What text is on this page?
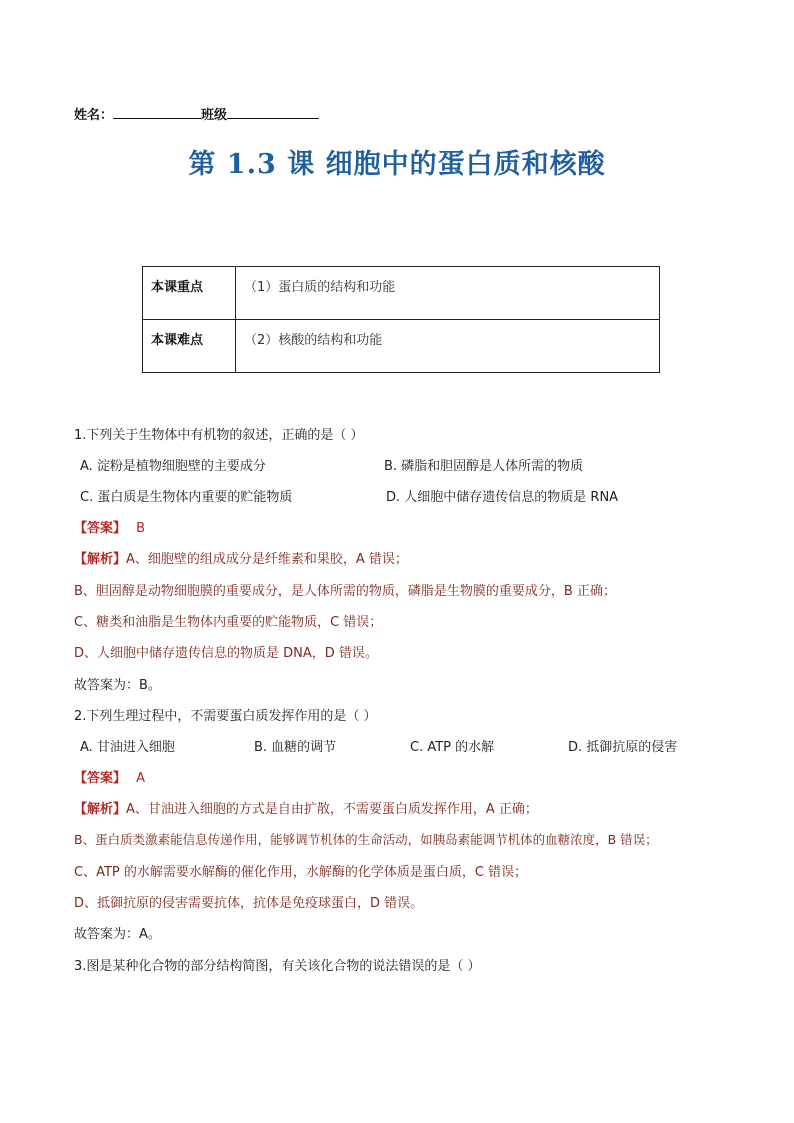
姓名：	班级
第 1.3 课 细胞中的蛋白质和核酸
本课重点	（1）蛋白质的结构和功能
本课难点	（2）核酸的结构和功能
1.下列关于生物体中有机物的叙述，正确的是（ ）
A. 淀粉是植物细胞壁的主要成分	B. 磷脂和胆固醇是人体所需的物质
C. 蛋白质是生物体内重要的贮能物质	D. 人细胞中储存遗传信息的物质是 RNA
【答案】 B
【解析】A、细胞壁的组成成分是纤维素和果胶，A 错误；
B、胆固醇是动物细胞膜的重要成分，是人体所需的物质，磷脂是生物膜的重要成分，B 正确；
C、糖类和油脂是生物体内重要的贮能物质，C 错误；
D、人细胞中储存遗传信息的物质是 DNA，D 错误。
故答案为：B。
2.下列生理过程中，不需要蛋白质发挥作用的是（ ）
A. 甘油进入细胞	B. 血糖的调节	C. ATP 的水解	D. 抵御抗原的侵害
【答案】 A
【解析】A、甘油进入细胞的方式是自由扩散，不需要蛋白质发挥作用，A 正确；
B、蛋白质类激素能信息传递作用，能够调节机体的生命活动，如胰岛素能调节机体的血糖浓度，B 错误；
C、ATP 的水解需要水解酶的催化作用，水解酶的化学体质是蛋白质，C 错误；
D、抵御抗原的侵害需要抗体，抗体是免疫球蛋白，D 错误。
故答案为：A。
3.图是某种化合物的部分结构简图，有关该化合物的说法错误的是（ ）
